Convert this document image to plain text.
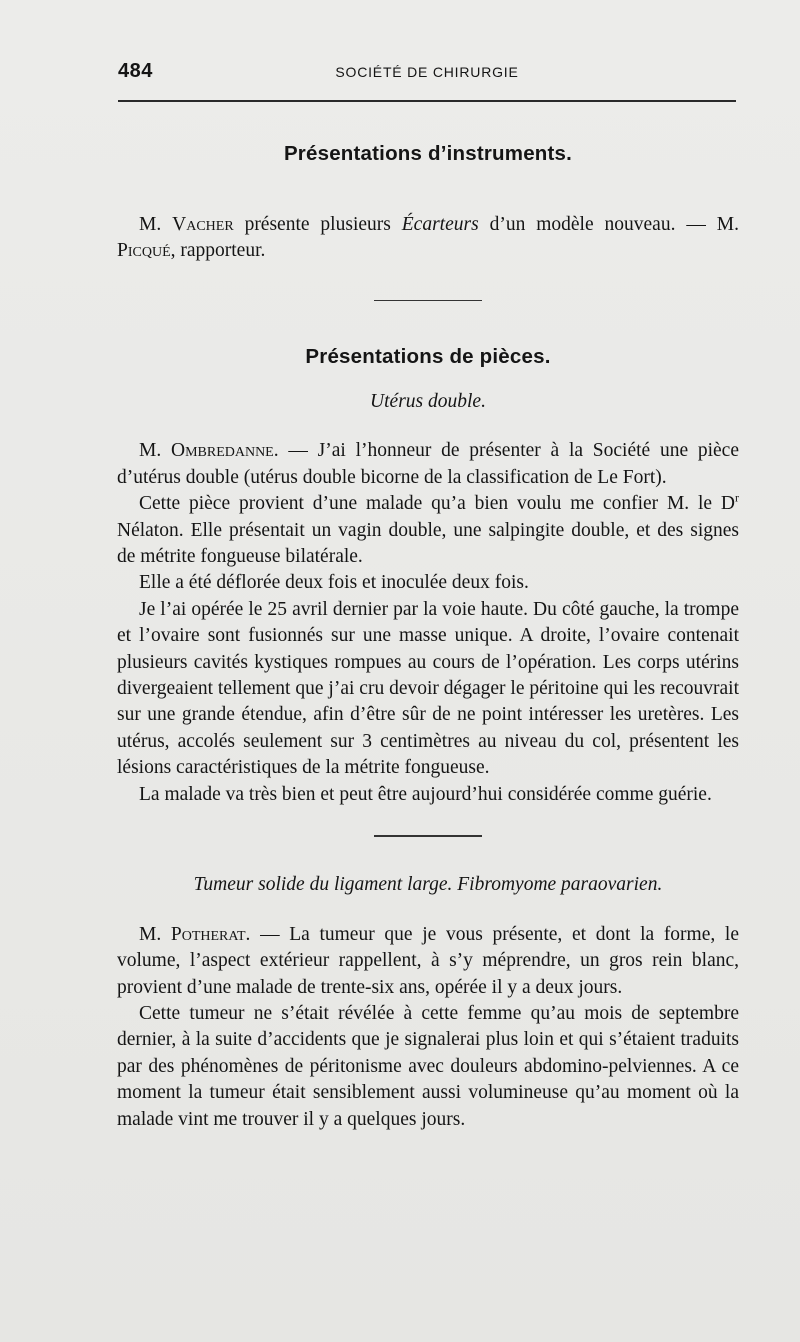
484	SOCIÉTÉ DE CHIRURGIE
Présentations d’instruments.

M. Vacher présente plusieurs Écarteurs d’un modèle nouveau. — M. Picqué, rapporteur.

Présentations de pièces.
Utérus double.

M. Ombredanne. — J’ai l’honneur de présenter à la Société une pièce d’utérus double (utérus double bicorne de la classification de Le Fort).

Cette pièce provient d’une malade qu’a bien voulu me confier M. le $D^r$ Nélaton. Elle présentait un vagin double, une salpingite double, et des signes de métrite fongueuse bilatérale.

Elle a été déflorée deux fois et inoculée deux fois.

Je l’ai opérée le 25 avril dernier par la voie haute. Du côté gauche, la trompe et l’ovaire sont fusionnés sur une masse unique. A droite, l’ovaire contenait plusieurs cavités kystiques rompues au cours de l’opération. Les corps utérins divergeaient tellement que j’ai cru devoir dégager le péritoine qui les recouvrait sur une grande étendue, afin d’être sûr de ne point intéresser les uretères. Les utérus, accolés seulement sur 3 centimètres au niveau du col, présentent les lésions caractéristiques de la métrite fongueuse.

La malade va très bien et peut être aujourd’hui considérée comme guérie.

Tumeur solide du ligament large. Fibromyome paraovarien.

M. Potherat. — La tumeur que je vous présente, et dont la forme, le volume, l’aspect extérieur rappellent, à s’y méprendre, un gros rein blanc, provient d’une malade de trente-six ans, opérée il y a deux jours.

Cette tumeur ne s’était révélée à cette femme qu’au mois de septembre dernier, à la suite d’accidents que je signalerai plus loin et qui s’étaient traduits par des phénomènes de péritonisme avec douleurs abdomino-pelviennes. A ce moment la tumeur était sensiblement aussi volumineuse qu’au moment où la malade vint me trouver il y a quelques jours.
